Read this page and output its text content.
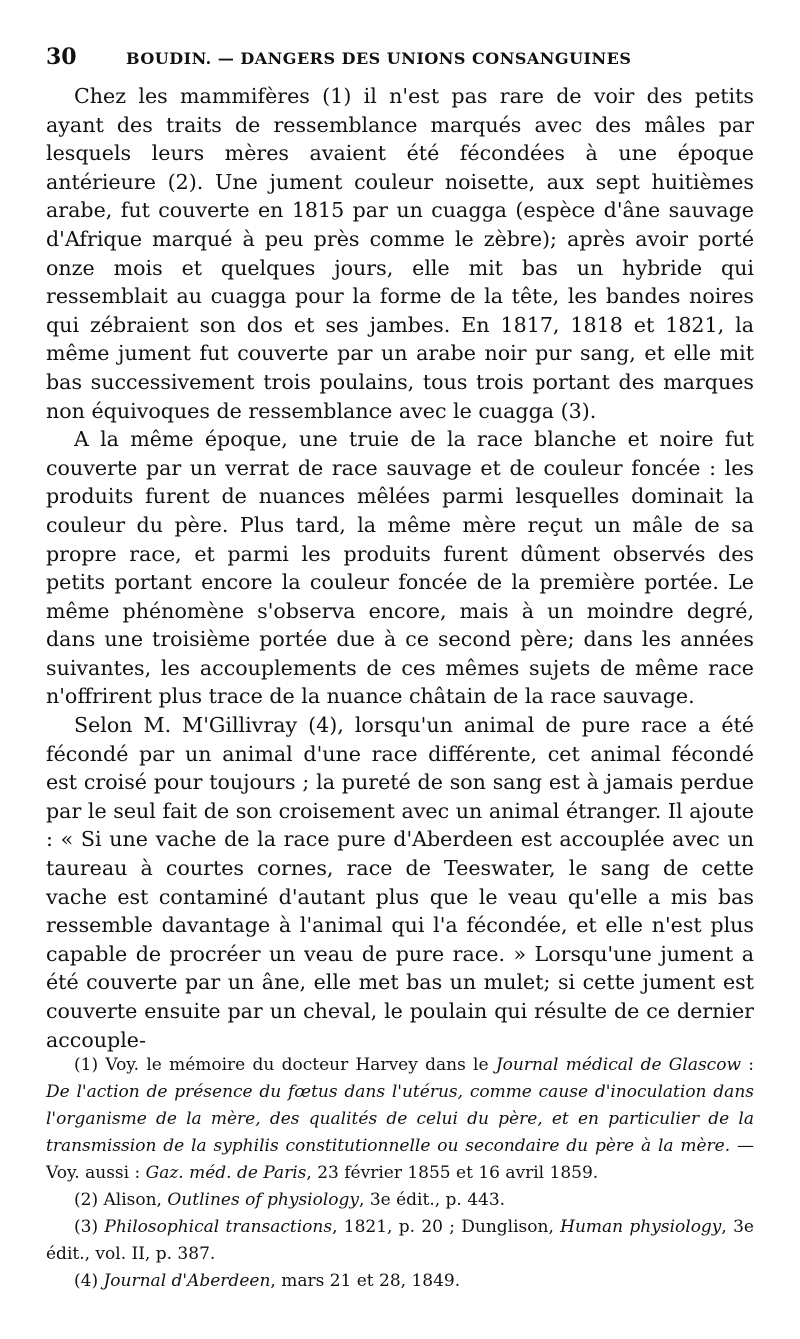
30	BOUDIN. — DANGERS DES UNIONS CONSANGUINES

Chez les mammifères (1) il n'est pas rare de voir des petits ayant des traits de ressemblance marqués avec des mâles par lesquels leurs mères avaient été fécondées à une époque antérieure (2). Une jument couleur noisette, aux sept huitièmes arabe, fut couverte en 1815 par un cuagga (espèce d'âne sauvage d'Afrique marqué à peu près comme le zèbre); après avoir porté onze mois et quelques jours, elle mit bas un hybride qui ressemblait au cuagga pour la forme de la tête, les bandes noires qui zébraient son dos et ses jambes. En 1817, 1818 et 1821, la même jument fut couverte par un arabe noir pur sang, et elle mit bas successivement trois poulains, tous trois portant des marques non équivoques de ressemblance avec le cuagga (3).

A la même époque, une truie de la race blanche et noire fut couverte par un verrat de race sauvage et de couleur foncée : les produits furent de nuances mêlées parmi lesquelles dominait la couleur du père. Plus tard, la même mère reçut un mâle de sa propre race, et parmi les produits furent dûment observés des petits portant encore la couleur foncée de la première portée. Le même phénomène s'observa encore, mais à un moindre degré, dans une troisième portée due à ce second père; dans les années suivantes, les accouplements de ces mêmes sujets de même race n'offrirent plus trace de la nuance châtain de la race sauvage.

Selon M. M'Gillivray (4), lorsqu'un animal de pure race a été fécondé par un animal d'une race différente, cet animal fécondé est croisé pour toujours ; la pureté de son sang est à jamais perdue par le seul fait de son croisement avec un animal étranger. Il ajoute : « Si une vache de la race pure d'Aberdeen est accouplée avec un taureau à courtes cornes, race de Teeswater, le sang de cette vache est contaminé d'autant plus que le veau qu'elle a mis bas ressemble davantage à l'animal qui l'a fécondée, et elle n'est plus capable de procréer un veau de pure race. » Lorsqu'une jument a été couverte par un âne, elle met bas un mulet; si cette jument est couverte ensuite par un cheval, le poulain qui résulte de ce dernier accouple-

(1) Voy. le mémoire du docteur Harvey dans le Journal médical de Glascow : De l'action de présence du fœtus dans l'utérus, comme cause d'inoculation dans l'organisme de la mère, des qualités de celui du père, et en particulier de la transmission de la syphilis constitutionnelle ou secondaire du père à la mère. — Voy. aussi : Gaz. méd. de Paris, 23 février 1855 et 16 avril 1859.

(2) Alison, Outlines of physiology, 3e édit., p. 443.

(3) Philosophical transactions, 1821, p. 20 ; Dunglison, Human physiology, 3e édit., vol. II, p. 387.

(4) Journal d'Aberdeen, mars 21 et 28, 1849.
